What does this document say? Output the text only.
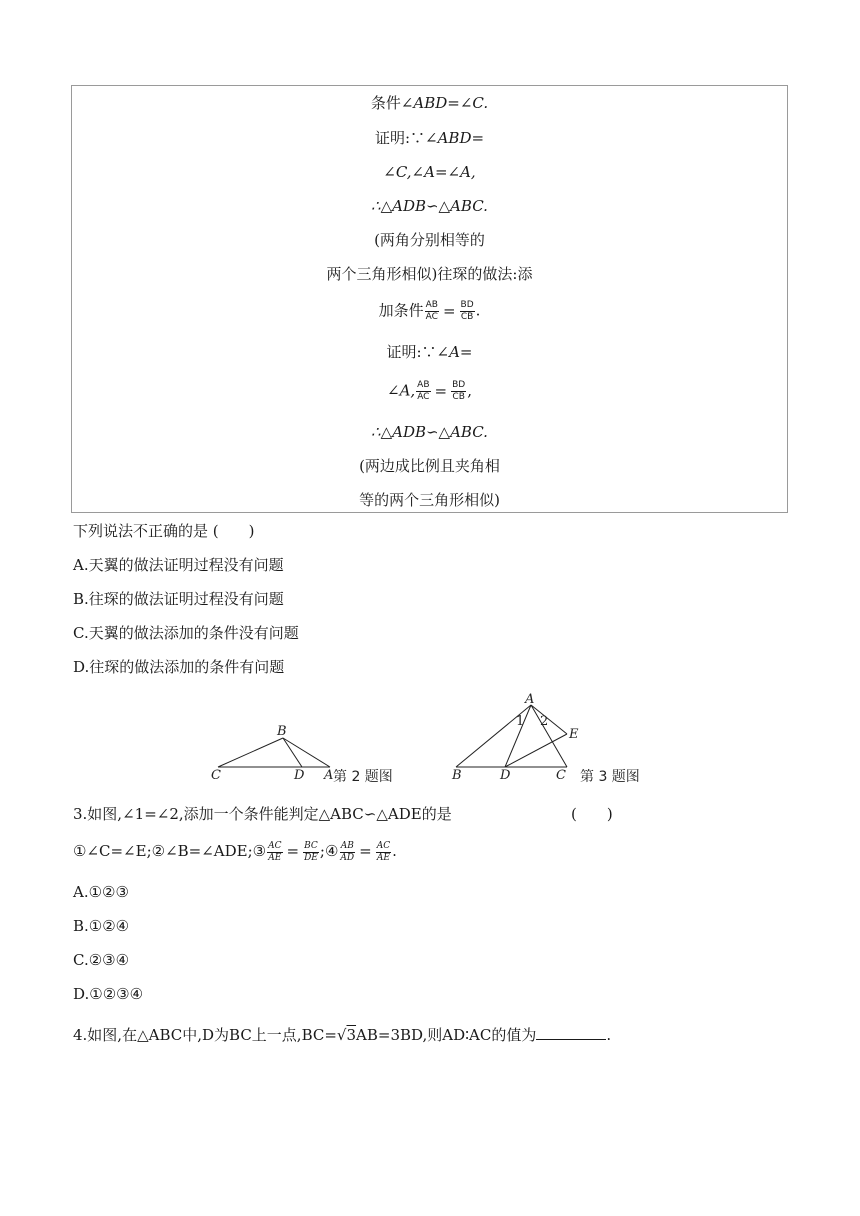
条件∠ABD=∠C.
证明:∵∠ABD=
∠C,∠A=∠A,
∴△ADB∽△ABC.
(两角分别相等的
两个三角形相似)往琛的做法:添
加条件 $\frac{AB}{AC} = \frac{BD}{CB}$ .
证明:∵∠A=
∠A, $\frac{AB}{AC} = \frac{BD}{CB}$ ,
∴△ADB∽△ABC.
(两边成比例且夹角相
等的两个三角形相似)
下列说法不正确的是 (　　)
A.天翼的做法证明过程没有问题
B.往琛的做法证明过程没有问题
C.天翼的做法添加的条件没有问题
D.往琛的做法添加的条件有问题
B
C	D A 第 2 题图
A
B	D	C
E
1 2
第 3 题图
3.如图,∠1=∠2,添加一个条件能判定△ABC∽△ADE的是	(　　)
①∠C=∠E;②∠B=∠ADE;③ $\frac{AC}{AE} = \frac{BC}{DE}$ ;④ $\frac{AB}{AD} = \frac{AC}{AE}$ .
A.①②③
B.①②④
C.②③④
D.①②③④
4.如图,在△ABC中,D为BC上一点,BC=√3AB=3BD,则AD∶AC的值为	.
